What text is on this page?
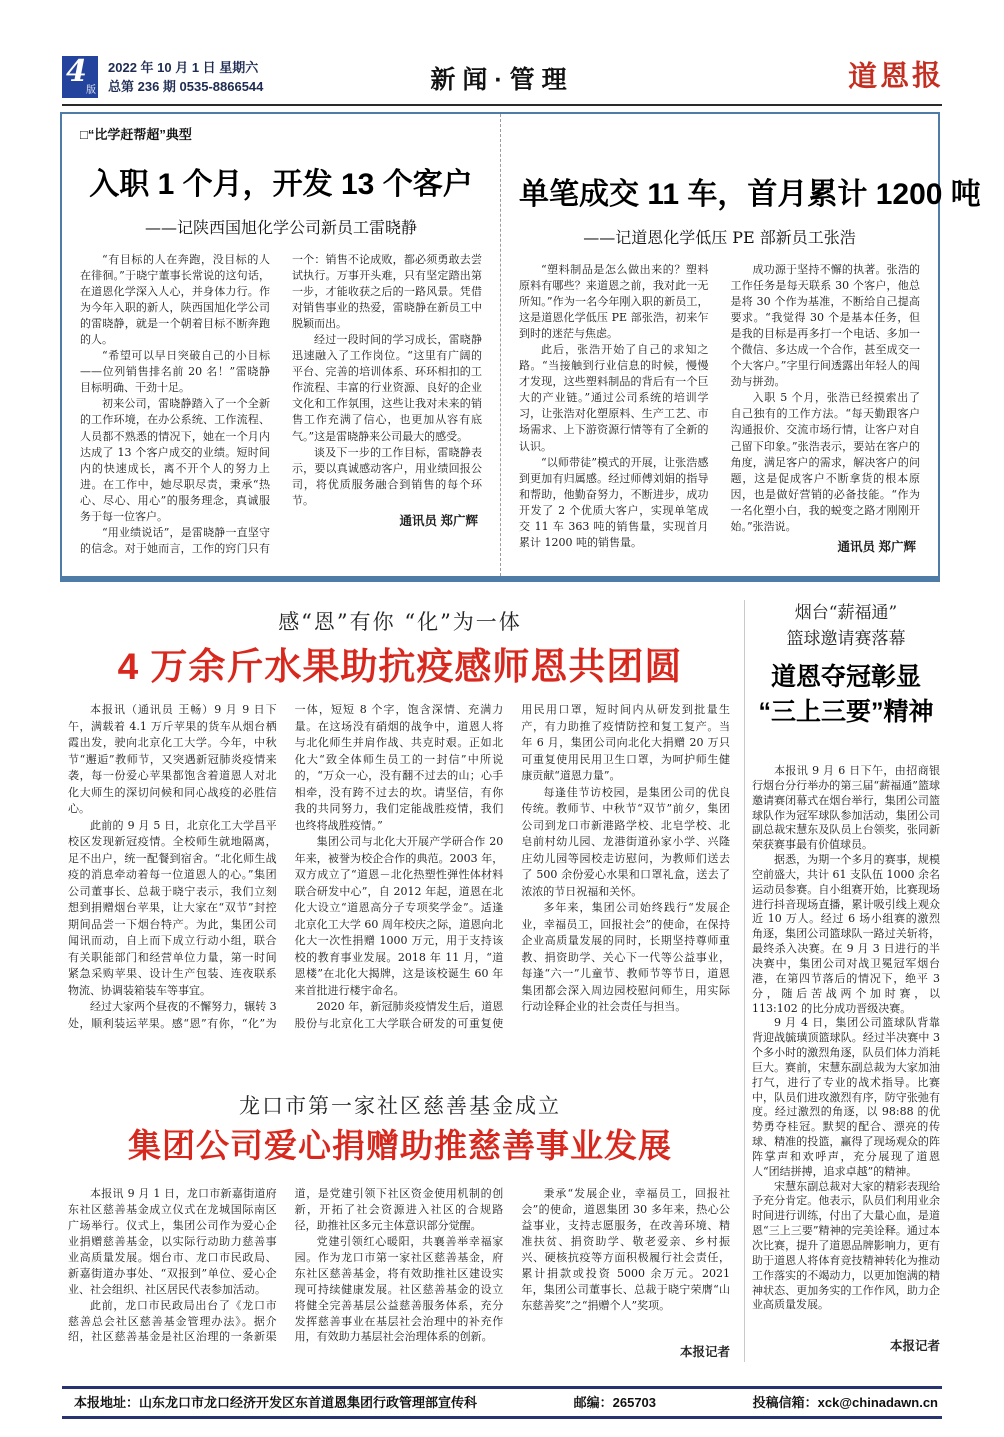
4
版
2022 年 10 月 1 日 星期六
总第 236 期 0535-8866544	新闻·管理	道恩报
□“比学赶帮超”典型
入职 1 个月，开发 13 个客户
——记陕西国旭化学公司新员工雷晓静

“有目标的人在奔跑，没目标的人在徘徊。”于晓宁董事长常说的这句话，在道恩化学深入人心，并身体力行。作为今年入职的新人，陕西国旭化学公司的雷晓静，就是一个朝着目标不断奔跑的人。

“希望可以早日突破自己的小目标——位列销售排名前 20 名！”雷晓静目标明确、干劲十足。

初来公司，雷晓静踏入了一个全新的工作环境，在办公系统、工作流程、人员都不熟悉的情况下，她在一个月内达成了 13 个客户成交的业绩。短时间内的快速成长，离不开个人的努力上进。在工作中，她尽职尽责，秉承“热心、尽心、用心”的服务理念，真诚服务于每一位客户。

“用业绩说话”，是雷晓静一直坚守的信念。对于她而言，工作的窍门只有一个：销售不论成败，都必须勇敢去尝试执行。万事开头难，只有坚定踏出第一步，才能收获之后的一路风景。凭借对销售事业的热爱，雷晓静在新员工中脱颖而出。

经过一段时间的学习成长，雷晓静迅速融入了工作岗位。“这里有广阔的平台、完善的培训体系、环环相扣的工作流程、丰富的行业资源、良好的企业文化和工作氛围，这些让我对未来的销售工作充满了信心，也更加从容有底气。”这是雷晓静来公司最大的感受。

谈及下一步的工作目标，雷晓静表示，要以真诚感动客户，用业绩回报公司，将优质服务融合到销售的每个环节。

通讯员 郑广辉
单笔成交 11 车，首月累计 1200 吨
——记道恩化学低压 PE 部新员工张浩

“塑料制品是怎么做出来的？塑料原料有哪些？来道恩之前，我对此一无所知。”作为一名今年刚入职的新员工，这是道恩化学低压 PE 部张浩，初来乍到时的迷茫与焦虑。

此后，张浩开始了自己的求知之路。“当接触到行业信息的时候，慢慢才发现，这些塑料制品的背后有一个巨大的产业链。”通过公司系统的培训学习，让张浩对化塑原料、生产工艺、市场需求、上下游资源行情等有了全新的认识。

“以师带徒”模式的开展，让张浩感到更加有归属感。经过师傅刘娟的指导和帮助，他勤奋努力，不断进步，成功开发了 2 个优质大客户，实现单笔成交 11 车 363 吨的销售量，实现首月累计 1200 吨的销售量。

成功源于坚持不懈的执著。张浩的工作任务是每天联系 30 个客户，他总是将 30 个作为基准，不断给自己提高要求。“我觉得 30 个是基本任务，但是我的目标是再多打一个电话、多加一个微信、多达成一个合作，甚至成交一个大客户。”字里行间透露出年轻人的闯劲与拼劲。

入职 5 个月，张浩已经摸索出了自己独有的工作方法。“每天勤跟客户沟通报价、交流市场行情，让客户对自己留下印象。”张浩表示，要站在客户的角度，满足客户的需求，解决客户的问题，这是促成客户不断拿货的根本原因，也是做好营销的必备技能。“作为一名化塑小白，我的蜕变之路才刚刚开始。”张浩说。

通讯员 郑广辉
感“恩”有你 “化”为一体
4 万余斤水果助抗疫感师恩共团圆

本报讯（通讯员 王畅）9 月 9 日下午，满载着 4.1 万斤苹果的货车从烟台栖霞出发，驶向北京化工大学。今年，中秋节“邂逅”教师节，又突遇新冠肺炎疫情来袭，每一份爱心苹果都饱含着道恩人对北化大师生的深切问候和同心战疫的必胜信心。

此前的 9 月 5 日，北京化工大学昌平校区发现新冠疫情。全校师生就地隔离，足不出户，统一配餐到宿舍。“北化师生战疫的消息牵动着每一位道恩人的心。”集团公司董事长、总裁于晓宁表示，我们立刻想到捐赠烟台苹果，让大家在“双节”封控期间品尝一下烟台特产。为此，集团公司闻讯而动，自上而下成立行动小组，联合有关职能部门和经营单位力量，第一时间紧急采购苹果、设计生产包装、连夜联系物流、协调装箱装车等事宜。

经过大家两个昼夜的不懈努力，辗转 3 处，顺利装运苹果。感“恩”有你，“化”为一体，短短 8 个字，饱含深情、充满力量。在这场没有硝烟的战争中，道恩人将与北化师生并肩作战、共克时艰。正如北化大“致全体师生员工的一封信”中所说的，“万众一心，没有翻不过去的山；心手相牵，没有跨不过去的坎。请坚信，有你我的共同努力，我们定能战胜疫情，我们也终将战胜疫情。”

集团公司与北化大开展产学研合作 20 年来，被誉为校企合作的典范。2003 年，双方成立了“道恩－北化热塑性弹性体材料联合研发中心”，自 2012 年起，道恩在北化大设立“道恩高分子专项奖学金”。适逢北京化工大学 60 周年校庆之际，道恩向北化大一次性捐赠 1000 万元，用于支持该校的教育事业发展。2018 年 11 月，“道恩楼”在北化大揭牌，这是该校诞生 60 年来首批进行楼宇命名。

2020 年，新冠肺炎疫情发生后，道恩股份与北京化工大学联合研发的可重复使用民用口罩，短时间内从研发到批量生产，有力助推了疫情防控和复工复产。当年 6 月，集团公司向北化大捐赠 20 万只可重复使用民用卫生口罩，为呵护师生健康贡献“道恩力量”。

每逢佳节访校园，是集团公司的优良传统。教师节、中秋节“双节”前夕，集团公司到龙口市新港路学校、北皂学校、北皂前村幼儿园、龙港街道孙家小学、兴隆庄幼儿园等园校走访慰问，为教师们送去了 500 余份爱心水果和口罩礼盒，送去了浓浓的节日祝福和关怀。

多年来，集团公司始终践行“发展企业，幸福员工，回报社会”的使命，在保持企业高质量发展的同时，长期坚持尊师重教、捐资助学、关心下一代等公益事业，每逢“六一”儿童节、教师节等节日，道恩集团都会深入周边园校慰问师生，用实际行动诠释企业的社会责任与担当。

烟台“薪福通”
篮球邀请赛落幕
道恩夺冠彰显
“三上三要”精神

本报讯 9 月 6 日下午，由招商银行烟台分行举办的第三届“薪福通”篮球邀请赛闭幕式在烟台举行，集团公司篮球队作为冠军球队参加活动，集团公司副总裁宋慧东及队员上台领奖，张同新荣获赛事最有价值球员。

据悉，为期一个多月的赛事，规模空前盛大，共计 61 支队伍 1000 余名运动员参赛。自小组赛开始，比赛现场进行抖音现场直播，累计吸引线上观众近 10 万人。经过 6 场小组赛的激烈角逐，集团公司篮球队一路过关斩将，最终杀入决赛。在 9 月 3 日进行的半决赛中，集团公司对战卫冕冠军烟台港，在第四节落后的情况下，绝平 3 分，随后苦战两个加时赛，以 113:102 的比分成功晋级决赛。

9 月 4 日，集团公司篮球队背靠背迎战毓璜顶篮球队。经过半决赛中 3 个多小时的激烈角逐，队员们体力消耗巨大。赛前，宋慧东副总裁为大家加油打气，进行了专业的战术指导。比赛中，队员们进攻激烈有序，防守张弛有度。经过激烈的角逐，以 98:88 的优势勇夺桂冠。默契的配合、漂亮的传球、精准的投篮，赢得了现场观众的阵阵掌声和欢呼声，充分展现了道恩人“团结拼搏，追求卓越”的精神。

宋慧东副总裁对大家的精彩表现给予充分肯定。他表示，队员们利用业余时间进行训练，付出了大量心血，是道恩“三上三要”精神的完美诠释。通过本次比赛，提升了道恩品牌影响力，更有助于道恩人将体育竞技精神转化为推动工作落实的不竭动力，以更加饱满的精神状态、更加务实的工作作风，助力企业高质量发展。

本报记者
龙口市第一家社区慈善基金成立
集团公司爱心捐赠助推慈善事业发展

本报讯 9 月 1 日，龙口市新嘉街道府东社区慈善基金成立仪式在龙城国际南区广场举行。仪式上，集团公司作为爱心企业捐赠慈善基金，以实际行动助力慈善事业高质量发展。烟台市、龙口市民政局、新嘉街道办事处、“双报到”单位、爱心企业、社会组织、社区居民代表参加活动。

此前，龙口市民政局出台了《龙口市慈善总会社区慈善基金管理办法》。据介绍，社区慈善基金是社区治理的一条新渠道，是党建引领下社区资金使用机制的创新，开拓了社会资源进入社区的合规路径，助推社区多元主体意识部分觉醒。

党建引领红心暖阳，共襄善举幸福家园。作为龙口市第一家社区慈善基金，府东社区慈善基金，将有效助推社区建设实现可持续健康发展。社区慈善基金的设立将健全完善基层公益慈善服务体系，充分发挥慈善事业在基层社会治理中的补充作用，有效助力基层社会治理体系的创新。

秉承“发展企业，幸福员工，回报社会”的使命，道恩集团 30 多年来，热心公益事业，支持志愿服务，在改善环境、精准扶贫、捐资助学、敬老爱亲、乡村振兴、硬核抗疫等方面积极履行社会责任，累计捐款或投资 5000 余万元。2021 年，集团公司董事长、总裁于晓宁荣膺“山东慈善奖”之“捐赠个人”奖项。

本报记者
本报地址：山东龙口市龙口经济开发区东首道恩集团行政管理部宣传科	邮编：265703	投稿信箱：xck@chinadawn.cn
